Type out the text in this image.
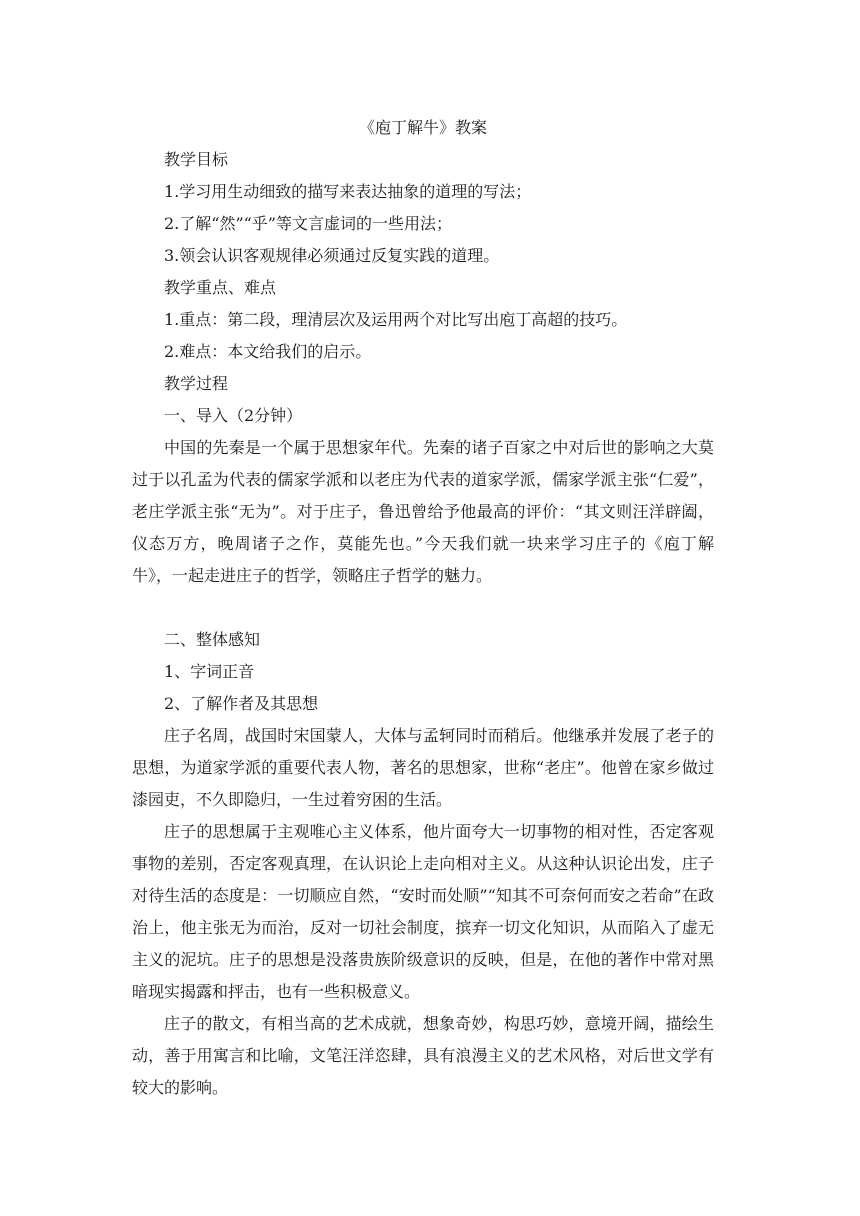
《庖丁解牛》教案

教学目标

1.学习用生动细致的描写来表达抽象的道理的写法；

2.了解“然”“乎”等文言虚词的一些用法；

3.领会认识客观规律必须通过反复实践的道理。

教学重点、难点

1.重点：第二段，理清层次及运用两个对比写出庖丁高超的技巧。

2.难点：本文给我们的启示。

教学过程

一、导入（2分钟）

中国的先秦是一个属于思想家年代。先秦的诸子百家之中对后世的影响之大莫过于以孔孟为代表的儒家学派和以老庄为代表的道家学派，儒家学派主张“仁爱”，老庄学派主张“无为”。对于庄子，鲁迅曾给予他最高的评价：“其文则汪洋辟阖，仪态万方，晚周诸子之作，莫能先也。”今天我们就一块来学习庄子的《庖丁解牛》，一起走进庄子的哲学，领略庄子哲学的魅力。

二、整体感知

1、字词正音

2、了解作者及其思想

庄子名周，战国时宋国蒙人，大体与孟轲同时而稍后。他继承并发展了老子的思想，为道家学派的重要代表人物，著名的思想家，世称“老庄”。他曾在家乡做过漆园吏，不久即隐归，一生过着穷困的生活。

庄子的思想属于主观唯心主义体系，他片面夸大一切事物的相对性，否定客观事物的差别，否定客观真理，在认识论上走向相对主义。从这种认识论出发，庄子对待生活的态度是：一切顺应自然，“安时而处顺”“知其不可奈何而安之若命”在政治上，他主张无为而治，反对一切社会制度，摈弃一切文化知识，从而陷入了虚无主义的泥坑。庄子的思想是没落贵族阶级意识的反映，但是，在他的著作中常对黑暗现实揭露和抨击，也有一些积极意义。

庄子的散文，有相当高的艺术成就，想象奇妙，构思巧妙，意境开阔，描绘生动，善于用寓言和比喻，文笔汪洋恣肆，具有浪漫主义的艺术风格，对后世文学有较大的影响。
